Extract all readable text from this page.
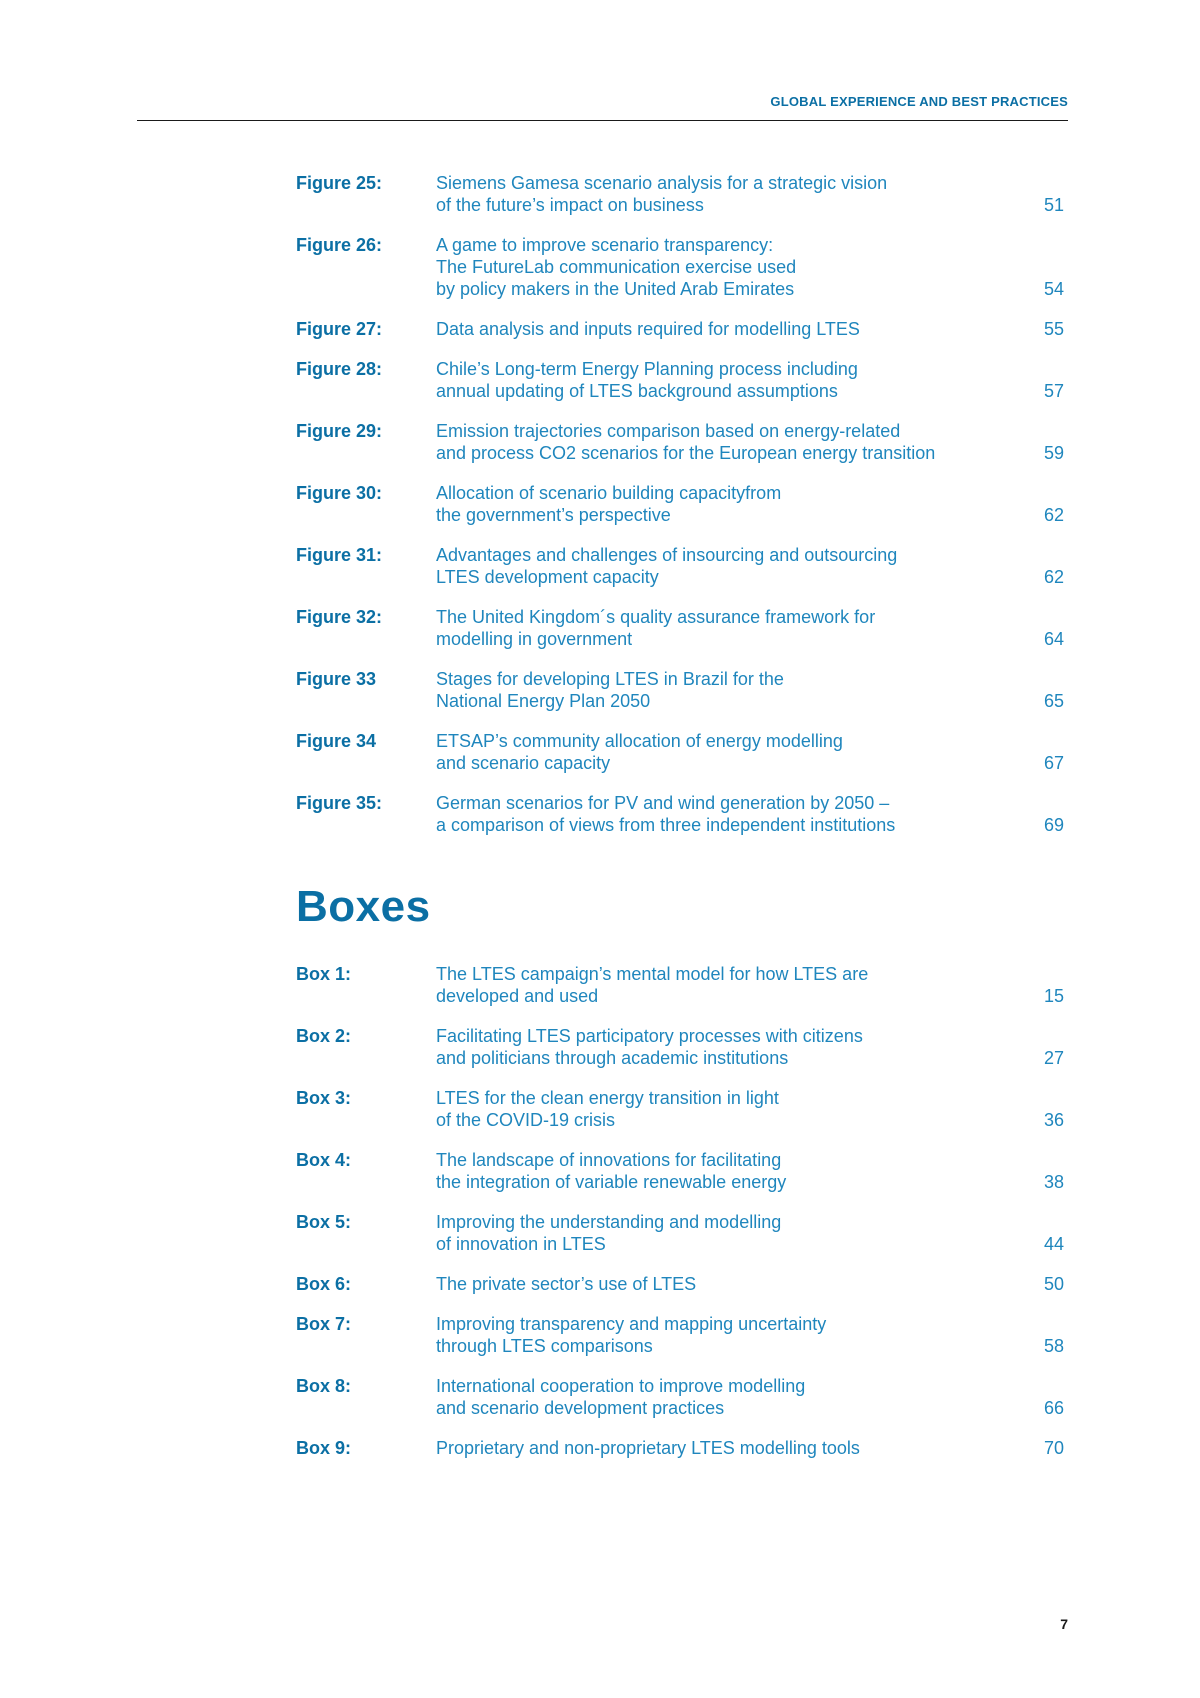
GLOBAL EXPERIENCE AND BEST PRACTICES
Figure 25:	Siemens Gamesa scenario analysis for a strategic vision
of the future’s impact on business	51
Figure 26:	A game to improve scenario transparency:
The FutureLab communication exercise used
by policy makers in the United Arab Emirates	54
Figure 27:	Data analysis and inputs required for modelling LTES	55
Figure 28:	Chile’s Long-term Energy Planning process including
annual updating of LTES background assumptions	57
Figure 29:	Emission trajectories comparison based on energy-related
and process CO2 scenarios for the European energy transition	59
Figure 30:	Allocation of scenario building capacityfrom
the government’s perspective	62
Figure 31:	Advantages and challenges of insourcing and outsourcing
LTES development capacity	62
Figure 32:	The United Kingdom´s quality assurance framework for
modelling in government	64
Figure 33	Stages for developing LTES in Brazil for the
National Energy Plan 2050	65
Figure 34	ETSAP’s community allocation of energy modelling
and scenario capacity	67
Figure 35:	German scenarios for PV and wind generation by 2050 –
a comparison of views from three independent institutions	69
Boxes
Box 1:	The LTES campaign’s mental model for how LTES are
developed and used	15
Box 2:	Facilitating LTES participatory processes with citizens
and politicians through academic institutions	27
Box 3:	LTES for the clean energy transition in light
of the COVID-19 crisis	36
Box 4:	The landscape of innovations for facilitating
the integration of variable renewable energy	38
Box 5:	Improving the understanding and modelling
of innovation in LTES	44
Box 6:	The private sector’s use of LTES	50
Box 7:	Improving transparency and mapping uncertainty
through LTES comparisons	58
Box 8:	International cooperation to improve modelling
and scenario development practices	66
Box 9:	Proprietary and non-proprietary LTES modelling tools	70
7
